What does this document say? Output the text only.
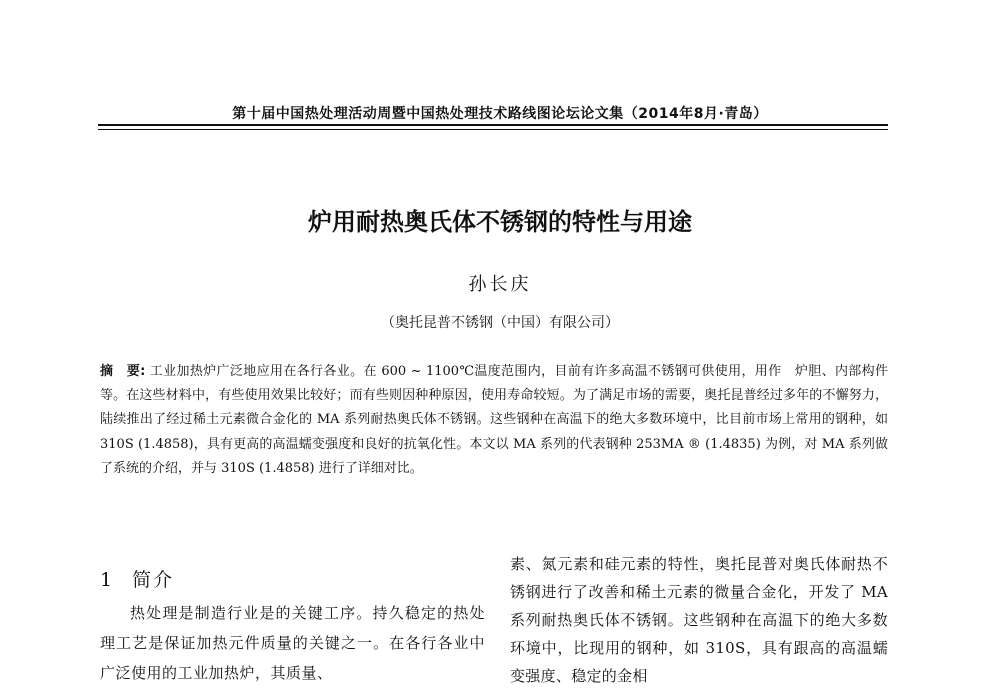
第十届中国热处理活动周暨中国热处理技术路线图论坛论文集（2014年8月·青岛）
炉用耐热奥氏体不锈钢的特性与用途
孙长庆
（奥托昆普不锈钢（中国）有限公司）
摘　要: 工业加热炉广泛地应用在各行各业。在 600 ~ 1100℃温度范围内，目前有许多高温不锈钢可供使用，用作　炉胆、内部构件等。在这些材料中，有些使用效果比较好；而有些则因种种原因，使用寿命较短。为了满足市场的需要，奥托昆普经过多年的不懈努力，陆续推出了经过稀土元素微合金化的 MA 系列耐热奥氏体不锈钢。这些钢种在高温下的绝大多数环境中，比目前市场上常用的钢种，如 310S (1.4858)，具有更高的高温蠕变强度和良好的抗氧化性。本文以 MA 系列的代表钢种 253MA ® (1.4835) 为例，对 MA 系列做了系统的介绍，并与 310S (1.4858) 进行了详细对比。
1 简介
热处理是制造行业是的关键工序。持久稳定的热处理工艺是保证加热元件质量的关键之一。在各行各业中广泛使用的工业加热炉，其质量、
素、氮元素和硅元素的特性，奥托昆普对奥氏体耐热不锈钢进行了改善和稀土元素的微量合金化，开发了 MA 系列耐热奥氏体不锈钢。这些钢种在高温下的绝大多数环境中，比现用的钢种，如 310S，具有跟高的高温蠕变强度、稳定的金相
